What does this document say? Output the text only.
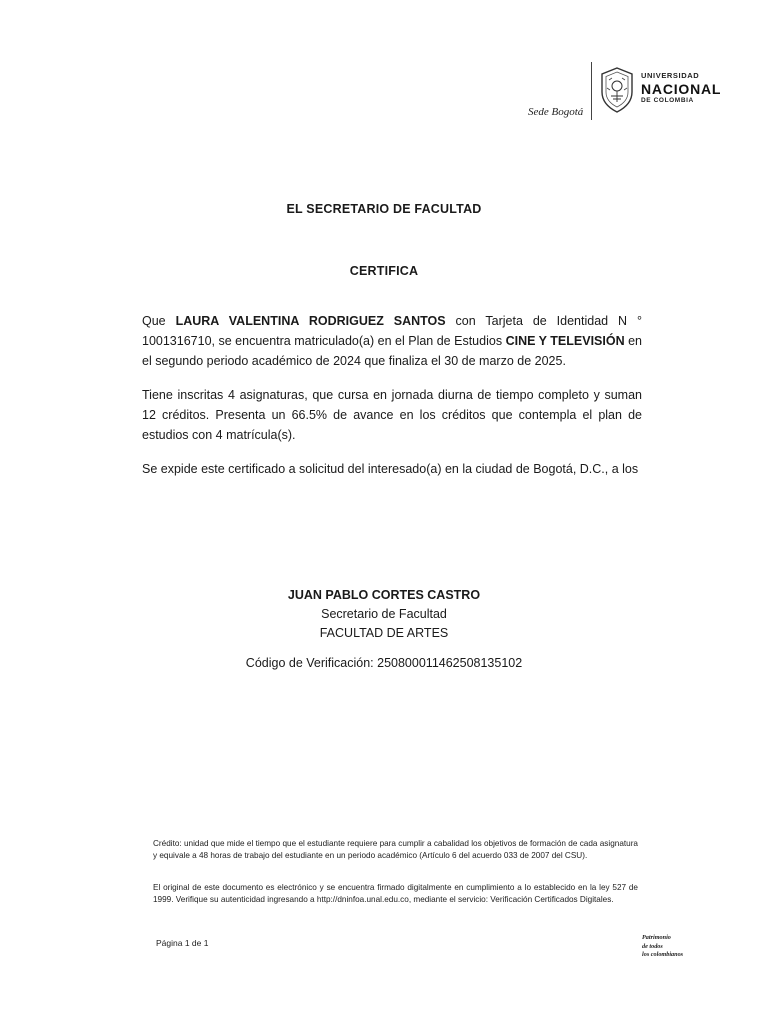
Sede Bogotá
UNIVERSIDAD
NACIONAL
DE COLOMBIA
EL SECRETARIO DE FACULTAD
CERTIFICA
Que LAURA VALENTINA RODRIGUEZ SANTOS con Tarjeta de Identidad N ° 1001316710, se encuentra matriculado(a) en el Plan de Estudios CINE Y TELEVISIÓN en el segundo periodo académico de 2024 que finaliza el 30 de marzo de 2025.
Tiene inscritas 4 asignaturas, que cursa en jornada diurna de tiempo completo y suman 12 créditos. Presenta un 66.5% de avance en los créditos que contempla el plan de estudios con 4 matrícula(s).
Se expide este certificado a solicitud del interesado(a) en la ciudad de Bogotá, D.C., a los
JUAN PABLO CORTES CASTRO
Secretario de Facultad
FACULTAD DE ARTES
Código de Verificación: 25080001146250813510​2
Crédito: unidad que mide el tiempo que el estudiante requiere para cumplir a cabalidad los objetivos de formación de cada asignatura y equivale a 48 horas de trabajo del estudiante en un periodo académico (Artículo 6 del acuerdo 033 de 2007 del CSU).
El original de este documento es electrónico y se encuentra firmado digitalmente en cumplimiento a lo establecido en la ley 527 de 1999. Verifique su autenticidad ingresando a http://dninfoa.unal.edu.co, mediante el servicio: Verificación Certificados Digitales.
Página 1 de 1
Patrimonio
de todos
los colombianos
